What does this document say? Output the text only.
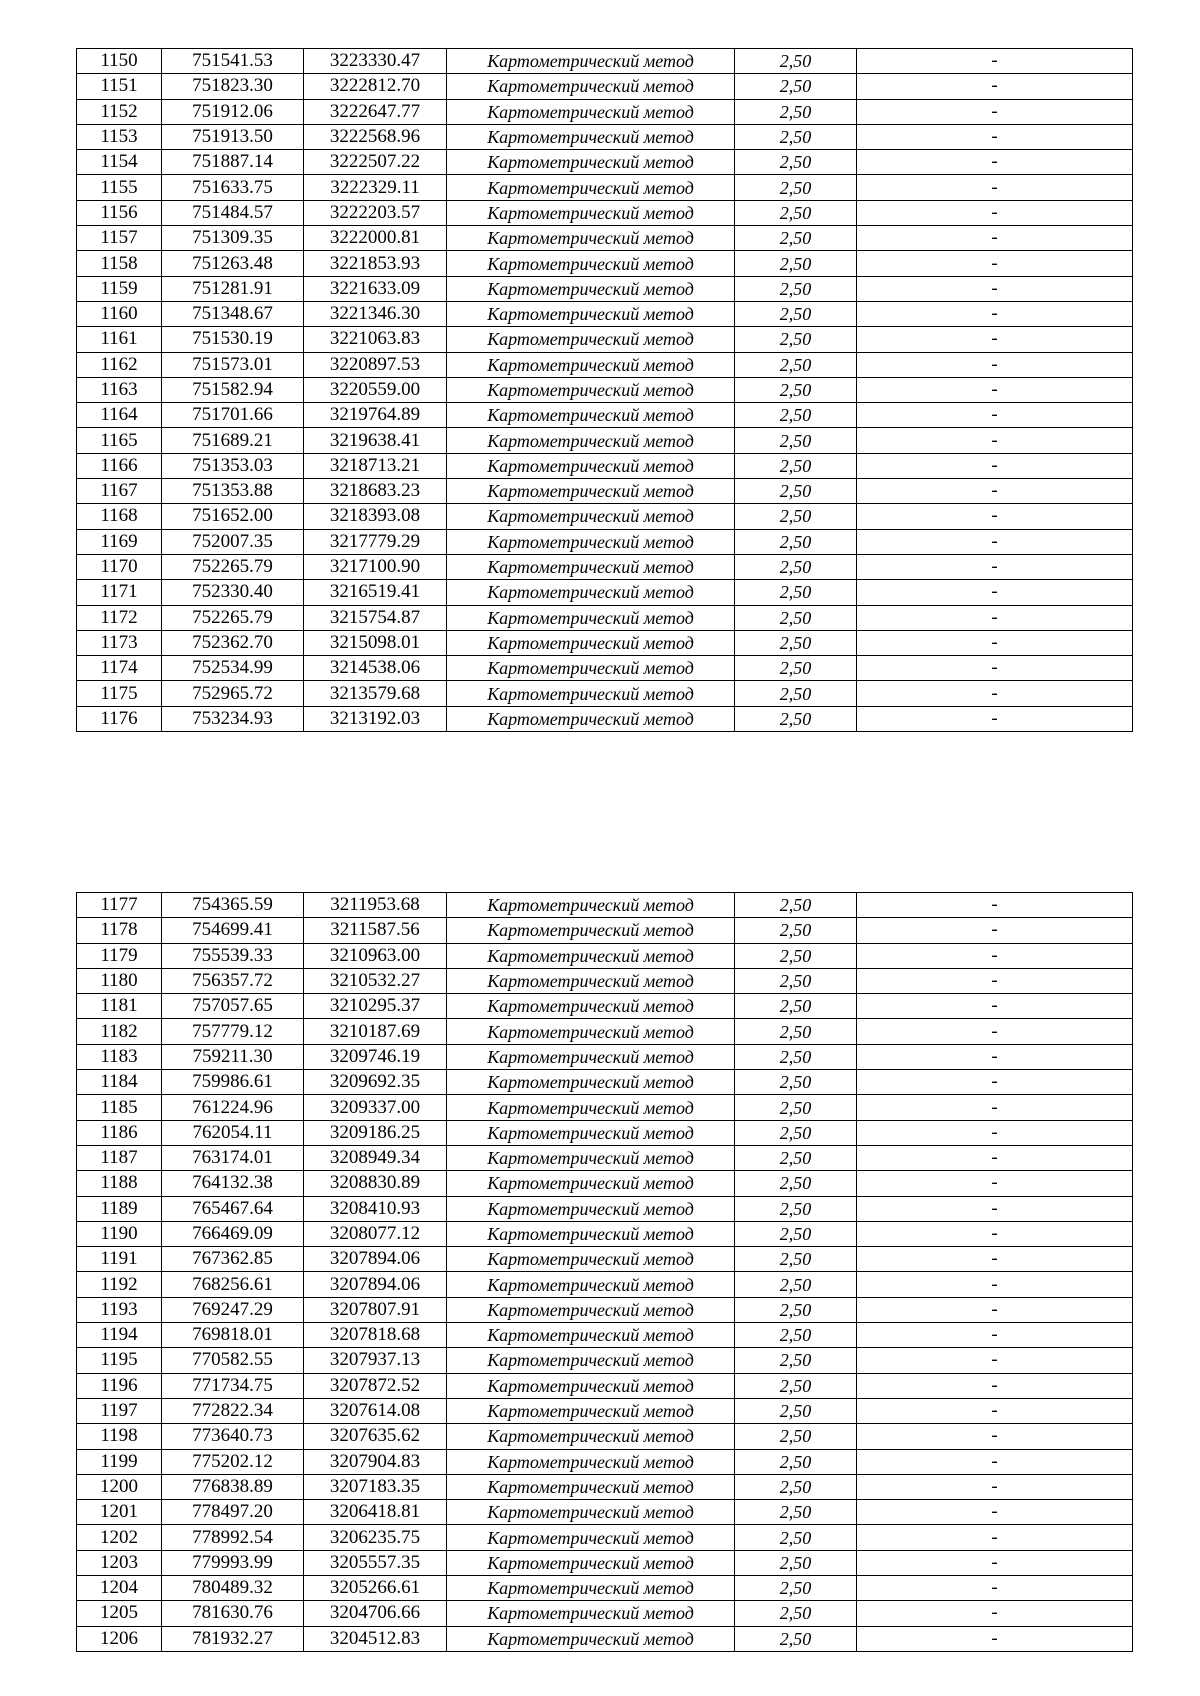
1150	751541.53	3223330.47	Картометрический метод	2,50	-
1151	751823.30	3222812.70	Картометрический метод	2,50	-
1152	751912.06	3222647.77	Картометрический метод	2,50	-
1153	751913.50	3222568.96	Картометрический метод	2,50	-
1154	751887.14	3222507.22	Картометрический метод	2,50	-
1155	751633.75	3222329.11	Картометрический метод	2,50	-
1156	751484.57	3222203.57	Картометрический метод	2,50	-
1157	751309.35	3222000.81	Картометрический метод	2,50	-
1158	751263.48	3221853.93	Картометрический метод	2,50	-
1159	751281.91	3221633.09	Картометрический метод	2,50	-
1160	751348.67	3221346.30	Картометрический метод	2,50	-
1161	751530.19	3221063.83	Картометрический метод	2,50	-
1162	751573.01	3220897.53	Картометрический метод	2,50	-
1163	751582.94	3220559.00	Картометрический метод	2,50	-
1164	751701.66	3219764.89	Картометрический метод	2,50	-
1165	751689.21	3219638.41	Картометрический метод	2,50	-
1166	751353.03	3218713.21	Картометрический метод	2,50	-
1167	751353.88	3218683.23	Картометрический метод	2,50	-
1168	751652.00	3218393.08	Картометрический метод	2,50	-
1169	752007.35	3217779.29	Картометрический метод	2,50	-
1170	752265.79	3217100.90	Картометрический метод	2,50	-
1171	752330.40	3216519.41	Картометрический метод	2,50	-
1172	752265.79	3215754.87	Картометрический метод	2,50	-
1173	752362.70	3215098.01	Картометрический метод	2,50	-
1174	752534.99	3214538.06	Картометрический метод	2,50	-
1175	752965.72	3213579.68	Картометрический метод	2,50	-
1176	753234.93	3213192.03	Картометрический метод	2,50	-
1177	754365.59	3211953.68	Картометрический метод	2,50	-
1178	754699.41	3211587.56	Картометрический метод	2,50	-
1179	755539.33	3210963.00	Картометрический метод	2,50	-
1180	756357.72	3210532.27	Картометрический метод	2,50	-
1181	757057.65	3210295.37	Картометрический метод	2,50	-
1182	757779.12	3210187.69	Картометрический метод	2,50	-
1183	759211.30	3209746.19	Картометрический метод	2,50	-
1184	759986.61	3209692.35	Картометрический метод	2,50	-
1185	761224.96	3209337.00	Картометрический метод	2,50	-
1186	762054.11	3209186.25	Картометрический метод	2,50	-
1187	763174.01	3208949.34	Картометрический метод	2,50	-
1188	764132.38	3208830.89	Картометрический метод	2,50	-
1189	765467.64	3208410.93	Картометрический метод	2,50	-
1190	766469.09	3208077.12	Картометрический метод	2,50	-
1191	767362.85	3207894.06	Картометрический метод	2,50	-
1192	768256.61	3207894.06	Картометрический метод	2,50	-
1193	769247.29	3207807.91	Картометрический метод	2,50	-
1194	769818.01	3207818.68	Картометрический метод	2,50	-
1195	770582.55	3207937.13	Картометрический метод	2,50	-
1196	771734.75	3207872.52	Картометрический метод	2,50	-
1197	772822.34	3207614.08	Картометрический метод	2,50	-
1198	773640.73	3207635.62	Картометрический метод	2,50	-
1199	775202.12	3207904.83	Картометрический метод	2,50	-
1200	776838.89	3207183.35	Картометрический метод	2,50	-
1201	778497.20	3206418.81	Картометрический метод	2,50	-
1202	778992.54	3206235.75	Картометрический метод	2,50	-
1203	779993.99	3205557.35	Картометрический метод	2,50	-
1204	780489.32	3205266.61	Картометрический метод	2,50	-
1205	781630.76	3204706.66	Картометрический метод	2,50	-
1206	781932.27	3204512.83	Картометрический метод	2,50	-
